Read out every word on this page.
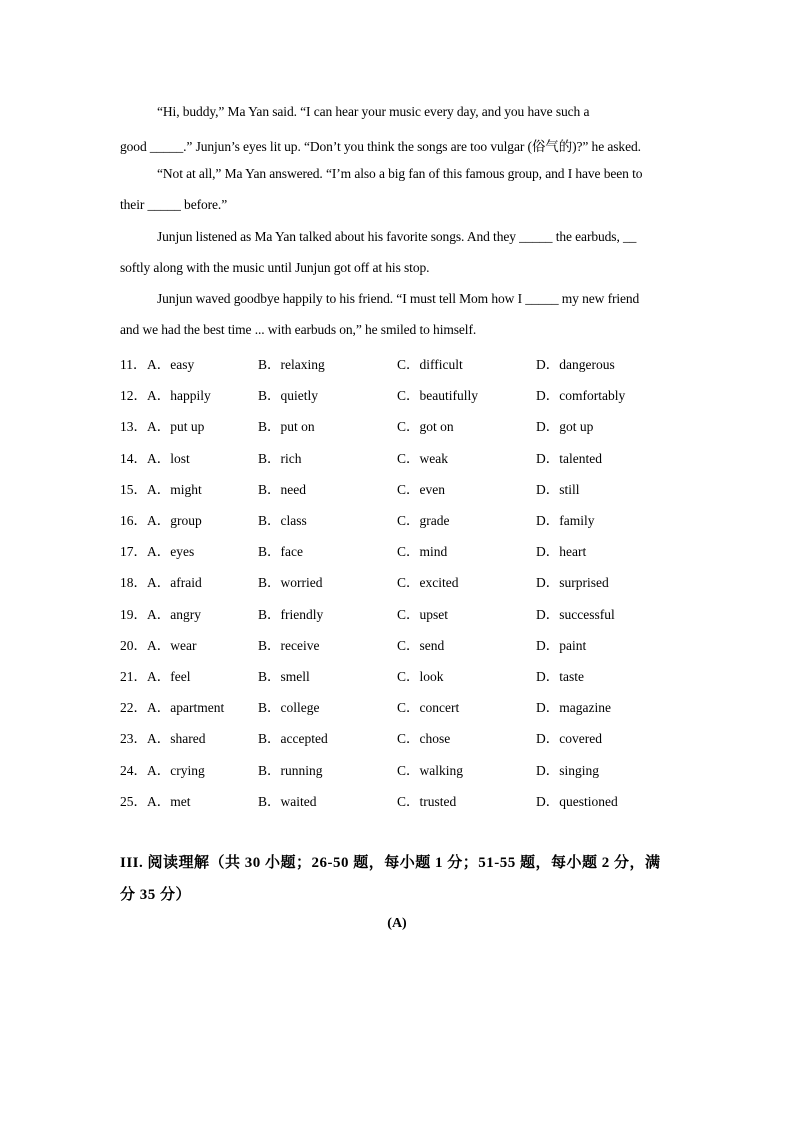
“Hi, buddy,” Ma Yan said. “I can hear your music every day, and you have such a
good _____.” Junjun’s eyes lit up. “Don’t you think the songs are too vulgar (俗气的)?” he asked.
“Not at all,” Ma Yan answered. “I’m also a big fan of this famous group, and I have been to
their _____ before.”
Junjun listened as Ma Yan talked about his favorite songs. And they _____ the earbuds, __
softly along with the music until Junjun got off at his stop.
Junjun waved goodbye happily to his friend. “I must tell Mom how I _____ my new friend
and we had the best time ... with earbuds on,” he smiled to himself.
11． A．easy	B．relaxing	C．difficult	D．dangerous
12． A．happily	B．quietly	C．beautifully	D．comfortably
13． A．put up	B．put on	C．got on	D．got up
14． A．lost	B．rich	C．weak	D．talented
15． A．might	B．need	C．even	D．still
16． A．group	B．class	C．grade	D．family
17． A．eyes	B．face	C．mind	D．heart
18． A．afraid	B．worried	C．excited	D．surprised
19． A．angry	B．friendly	C．upset	D．successful
20． A．wear	B．receive	C．send	D．paint
21． A．feel	B．smell	C．look	D．taste
22． A．apartment	B．college	C．concert	D．magazine
23． A．shared	B．accepted	C．chose	D．covered
24． A．crying	B．running	C．walking	D．singing
25． A．met	B．waited	C．trusted	D．questioned
III. 阅读理解（共 30 小题；26-50 题，每小题 1 分；51-55 题，每小题 2 分，满
分 35 分）
(A)
